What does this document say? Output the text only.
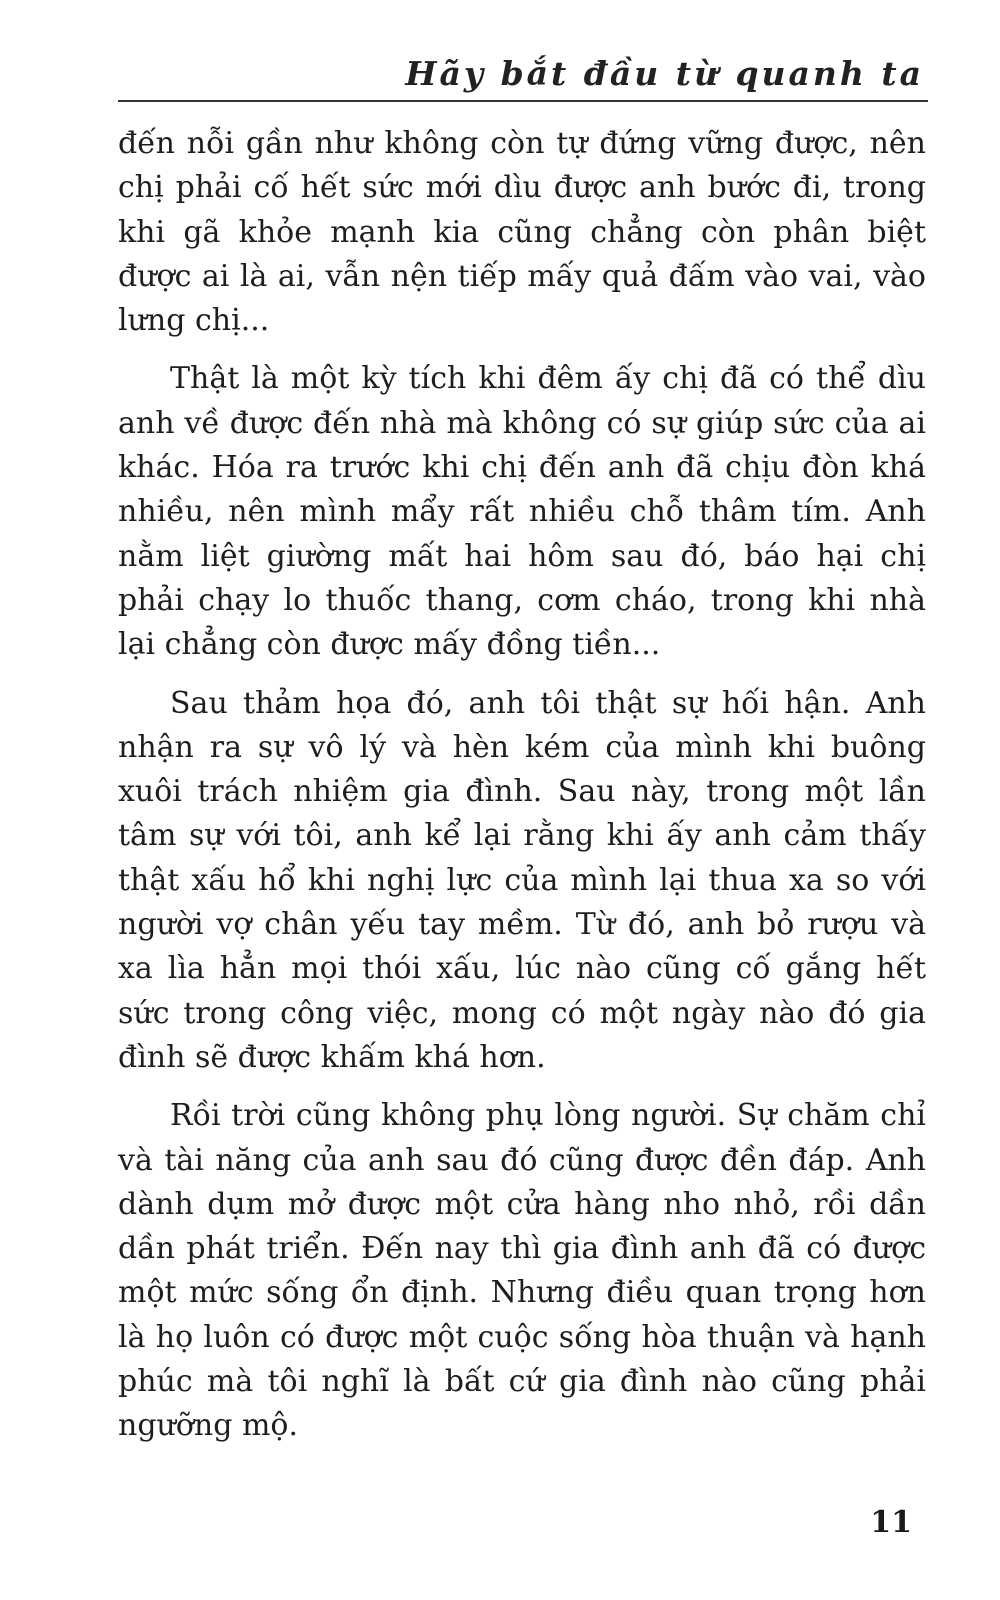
Hãy bắt đầu từ quanh ta

đến nỗi gần như không còn tự đứng vững được, nên chị phải cố hết sức mới dìu được anh bước đi, trong khi gã khỏe mạnh kia cũng chẳng còn phân biệt được ai là ai, vẫn nện tiếp mấy quả đấm vào vai, vào lưng chị...

Thật là một kỳ tích khi đêm ấy chị đã có thể dìu anh về được đến nhà mà không có sự giúp sức của ai khác. Hóa ra trước khi chị đến anh đã chịu đòn khá nhiều, nên mình mẩy rất nhiều chỗ thâm tím. Anh nằm liệt giường mất hai hôm sau đó, báo hại chị phải chạy lo thuốc thang, cơm cháo, trong khi nhà lại chẳng còn được mấy đồng tiền...

Sau thảm họa đó, anh tôi thật sự hối hận. Anh nhận ra sự vô lý và hèn kém của mình khi buông xuôi trách nhiệm gia đình. Sau này, trong một lần tâm sự với tôi, anh kể lại rằng khi ấy anh cảm thấy thật xấu hổ khi nghị lực của mình lại thua xa so với người vợ chân yếu tay mềm. Từ đó, anh bỏ rượu và xa lìa hẳn mọi thói xấu, lúc nào cũng cố gắng hết sức trong công việc, mong có một ngày nào đó gia đình sẽ được khấm khá hơn.

Rồi trời cũng không phụ lòng người. Sự chăm chỉ và tài năng của anh sau đó cũng được đền đáp. Anh dành dụm mở được một cửa hàng nho nhỏ, rồi dần dần phát triển. Đến nay thì gia đình anh đã có được một mức sống ổn định. Nhưng điều quan trọng hơn là họ luôn có được một cuộc sống hòa thuận và hạnh phúc mà tôi nghĩ là bất cứ gia đình nào cũng phải ngưỡng mộ.

11
